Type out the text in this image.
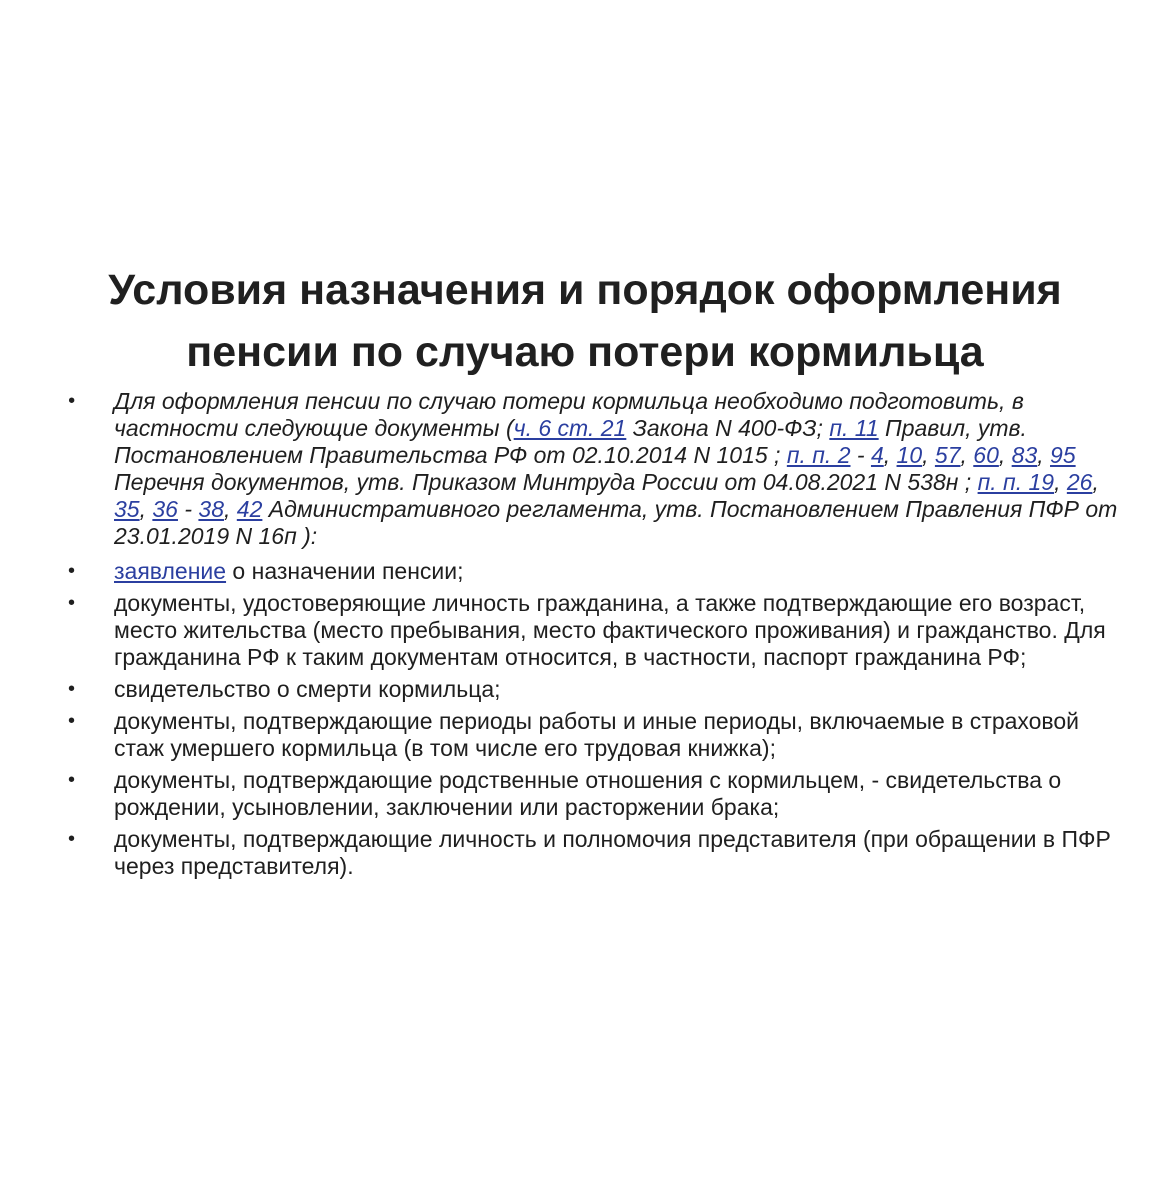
Условия назначения и порядок оформления
пенсии по случаю потери кормильца
• Для оформления пенсии по случаю потери кормильца необходимо подготовить, в частности следующие документы (ч. 6 ст. 21 Закона N 400-ФЗ; п. 11 Правил, утв. Постановлением Правительства РФ от 02.10.2014 N 1015 ; п. п. 2 - 4, 10, 57, 60, 83, 95 Перечня документов, утв. Приказом Минтруда России от 04.08.2021 N 538н ; п. п. 19, 26, 35, 36 - 38, 42 Административного регламента, утв. Постановлением Правления ПФР от 23.01.2019 N 16п ):
• заявление о назначении пенсии;
• документы, удостоверяющие личность гражданина, а также подтверждающие его возраст, место жительства (место пребывания, место фактического проживания) и гражданство. Для гражданина РФ к таким документам относится, в частности, паспорт гражданина РФ;
• свидетельство о смерти кормильца;
• документы, подтверждающие периоды работы и иные периоды, включаемые в страховой стаж умершего кормильца (в том числе его трудовая книжка);
• документы, подтверждающие родственные отношения с кормильцем, - свидетельства о рождении, усыновлении, заключении или расторжении брака;
• документы, подтверждающие личность и полномочия представителя (при обращении в ПФР через представителя).
